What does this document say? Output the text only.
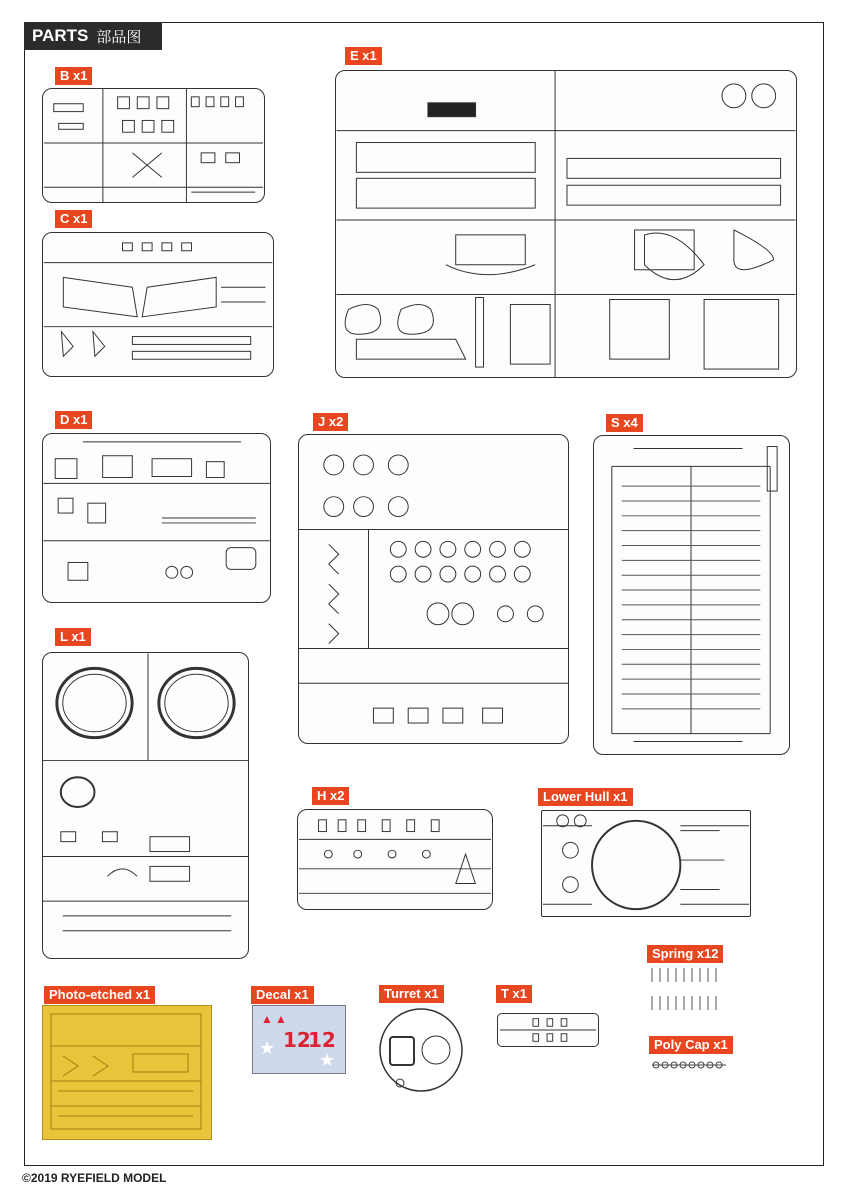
PARTS 部品图
B x1
C x1
E x1
D x1	J x2	S x4
L x1
H x2	Lower Hull x1
Spring x12
Photo-etched x1	Decal x1	Turret x1	T x1
Poly Cap x1
▲ ▲
★ 12
12
★
©2019 RYEFIELD MODEL
